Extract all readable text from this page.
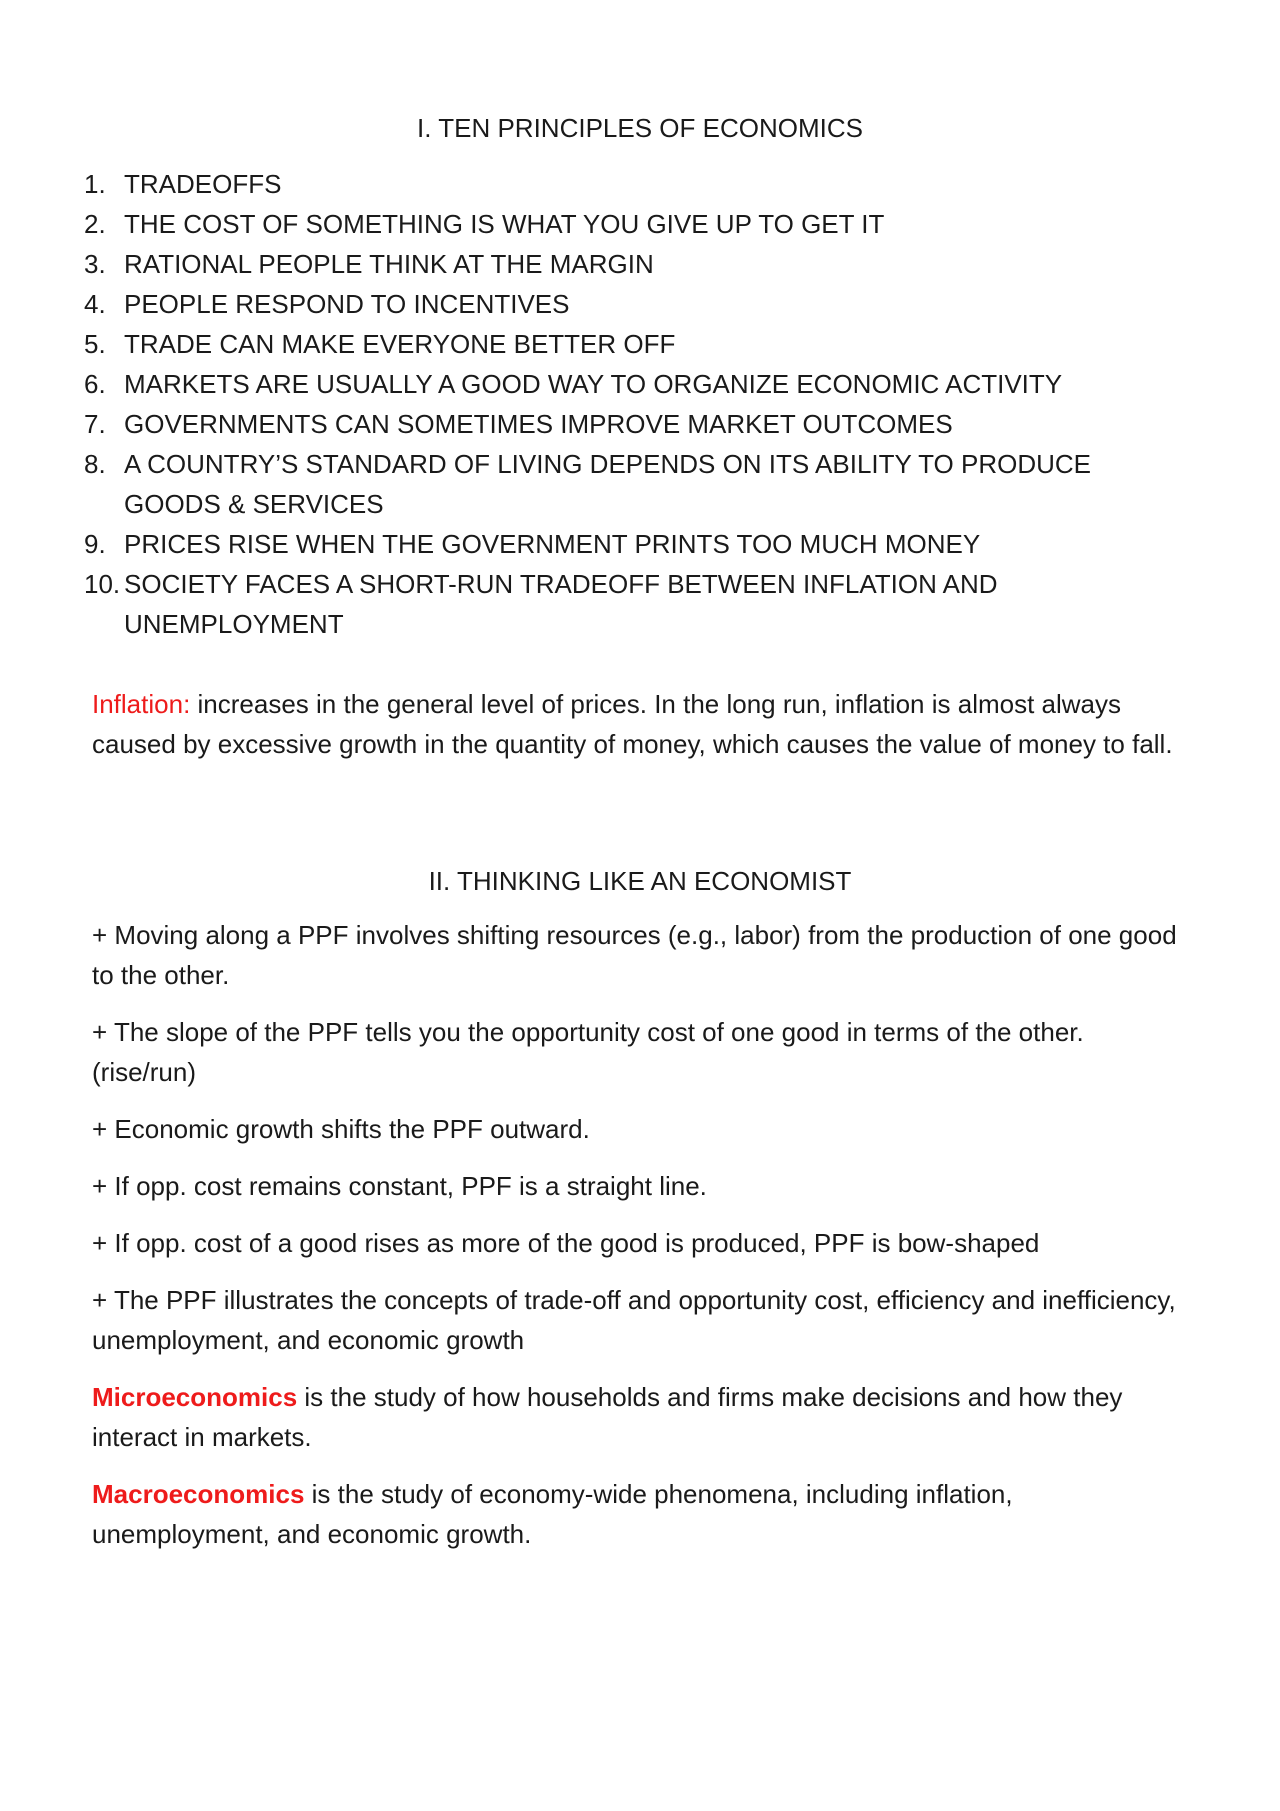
I. TEN PRINCIPLES OF ECONOMICS
1. TRADEOFFS
2. THE COST OF SOMETHING IS WHAT YOU GIVE UP TO GET IT
3. RATIONAL PEOPLE THINK AT THE MARGIN
4. PEOPLE RESPOND TO INCENTIVES
5. TRADE CAN MAKE EVERYONE BETTER OFF
6. MARKETS ARE USUALLY A GOOD WAY TO ORGANIZE ECONOMIC ACTIVITY
7. GOVERNMENTS CAN SOMETIMES IMPROVE MARKET OUTCOMES
8. A COUNTRY’S STANDARD OF LIVING DEPENDS ON ITS ABILITY TO PRODUCE GOODS & SERVICES
9. PRICES RISE WHEN THE GOVERNMENT PRINTS TOO MUCH MONEY
10. SOCIETY FACES A SHORT-RUN TRADEOFF BETWEEN INFLATION AND UNEMPLOYMENT

Inflation: increases in the general level of prices. In the long run, inflation is almost always caused by excessive growth in the quantity of money, which causes the value of money to fall.

II. THINKING LIKE AN ECONOMIST

+ Moving along a PPF involves shifting resources (e.g., labor) from the production of one good to the other.

+ The slope of the PPF tells you the opportunity cost of one good in terms of the other. (rise/run)

+ Economic growth shifts the PPF outward.

+ If opp. cost remains constant, PPF is a straight line.

+ If opp. cost of a good rises as more of the good is produced, PPF is bow-shaped

+ The PPF illustrates the concepts of trade-off and opportunity cost, efficiency and inefficiency, unemployment, and economic growth

Microeconomics is the study of how households and firms make decisions and how they interact in markets.

Macroeconomics is the study of economy-wide phenomena, including inflation, unemployment, and economic growth.
